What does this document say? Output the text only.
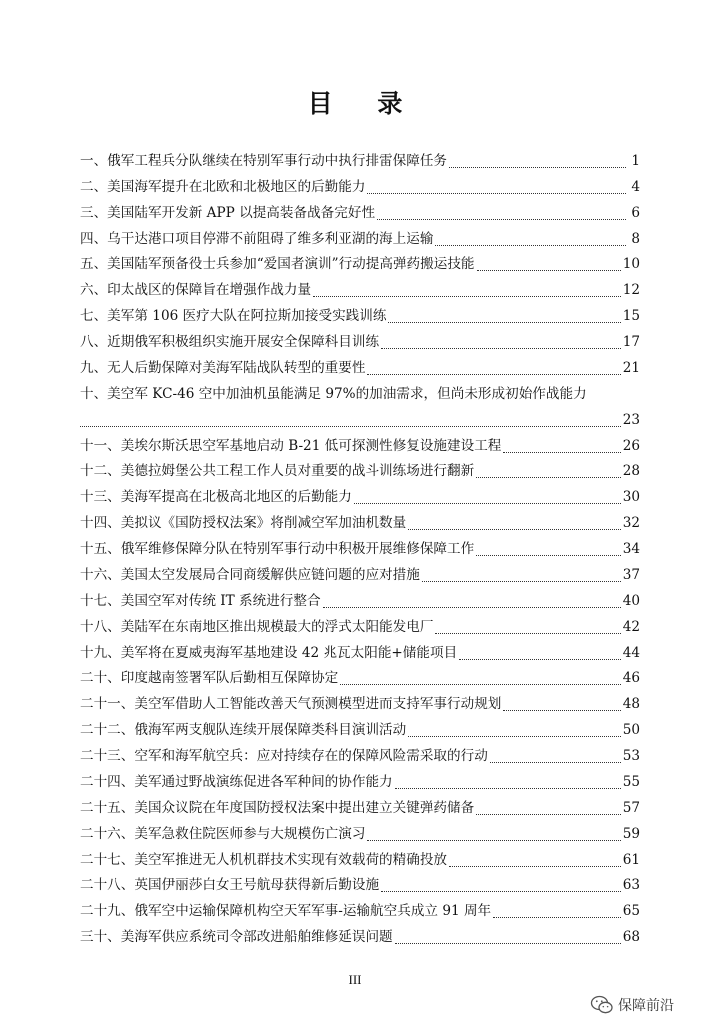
目 录
一、俄军工程兵分队继续在特别军事行动中执行排雷保障任务	1
二、美国海军提升在北欧和北极地区的后勤能力	4
三、美国陆军开发新 APP 以提高装备战备完好性	6
四、乌干达港口项目停滞不前阻碍了维多利亚湖的海上运输	8
五、美国陆军预备役士兵参加“爱国者演训”行动提高弹药搬运技能	10
六、印太战区的保障旨在增强作战力量	12
七、美军第 106 医疗大队在阿拉斯加接受实践训练	15
八、近期俄军积极组织实施开展安全保障科目训练	17
九、无人后勤保障对美海军陆战队转型的重要性	21
十、美空军 KC-46 空中加油机虽能满足 97%的加油需求，但尚未形成初始作战能力
23
十一、美埃尔斯沃思空军基地启动 B-21 低可探测性修复设施建设工程	26
十二、美德拉姆堡公共工程工作人员对重要的战斗训练场进行翻新	28
十三、美海军提高在北极高北地区的后勤能力	30
十四、美拟议《国防授权法案》将削减空军加油机数量	32
十五、俄军维修保障分队在特别军事行动中积极开展维修保障工作	34
十六、美国太空发展局合同商缓解供应链问题的应对措施	37
十七、美国空军对传统 IT 系统进行整合	40
十八、美陆军在东南地区推出规模最大的浮式太阳能发电厂	42
十九、美军将在夏威夷海军基地建设 42 兆瓦太阳能+储能项目	44
二十、印度越南签署军队后勤相互保障协定	46
二十一、美空军借助人工智能改善天气预测模型进而支持军事行动规划	48
二十二、俄海军两支舰队连续开展保障类科目演训活动	50
二十三、空军和海军航空兵：应对持续存在的保障风险需采取的行动	53
二十四、美军通过野战演练促进各军种间的协作能力	55
二十五、美国众议院在年度国防授权法案中提出建立关键弹药储备	57
二十六、美军急救住院医师参与大规模伤亡演习	59
二十七、美空军推进无人机机群技术实现有效载荷的精确投放	61
二十八、英国伊丽莎白女王号航母获得新后勤设施	63
二十九、俄军空中运输保障机构空天军军事-运输航空兵成立 91 周年	65
三十、美海军供应系统司令部改进船舶维修延误问题	68
III
保障前沿
